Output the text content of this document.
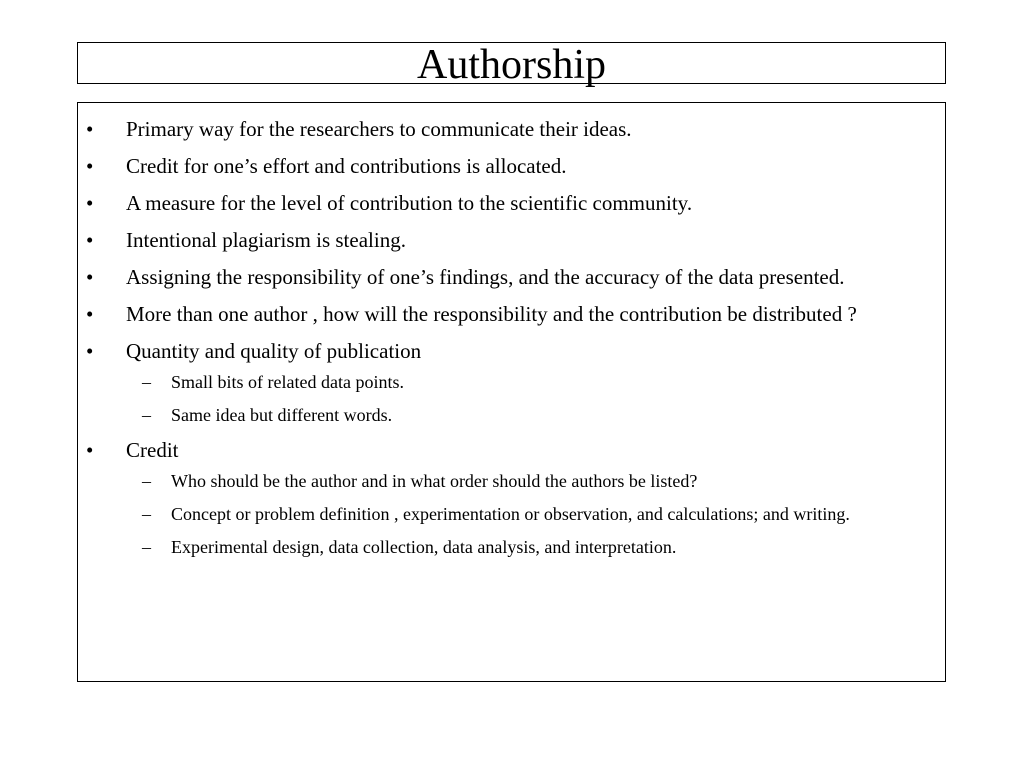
Authorship
• Primary way for the researchers to communicate their ideas.
• Credit for one’s effort and contributions is allocated.
• A measure for the level of contribution to the scientific community.
• Intentional plagiarism is stealing.
• Assigning the responsibility of one’s findings, and the accuracy of the data presented.
• More than one author , how will the responsibility and the contribution be distributed ?
• Quantity and quality of publication
– Small bits of related data points.
– Same idea but different words.
• Credit
– Who should be the author and in what order should the authors be listed?
– Concept or problem definition , experimentation or observation, and calculations; and writing.
– Experimental design, data collection, data analysis, and interpretation.
